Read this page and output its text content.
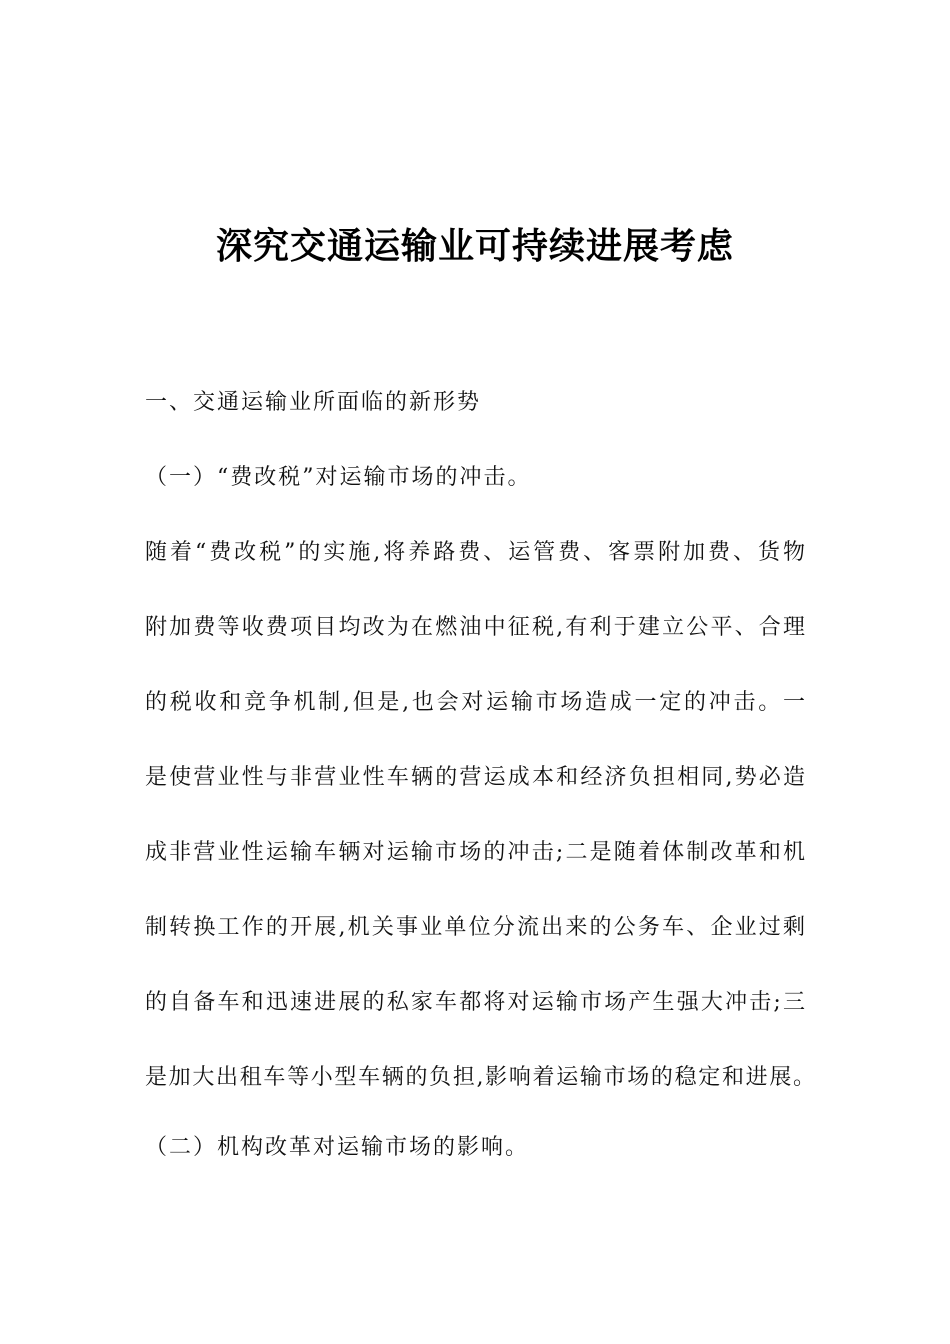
深究交通运输业可持续进展考虑
一、交通运输业所面临的新形势
（一）“费改税”对运输市场的冲击。
随着“费改税”的实施,将养路费、运管费、客票附加费、货物
附加费等收费项目均改为在燃油中征税,有利于建立公平、合理
的税收和竞争机制,但是,也会对运输市场造成一定的冲击。一
是使营业性与非营业性车辆的营运成本和经济负担相同,势必造
成非营业性运输车辆对运输市场的冲击;二是随着体制改革和机
制转换工作的开展,机关事业单位分流出来的公务车、企业过剩
的自备车和迅速进展的私家车都将对运输市场产生强大冲击;三
是加大出租车等小型车辆的负担,影响着运输市场的稳定和进展。
（二）机构改革对运输市场的影响。
